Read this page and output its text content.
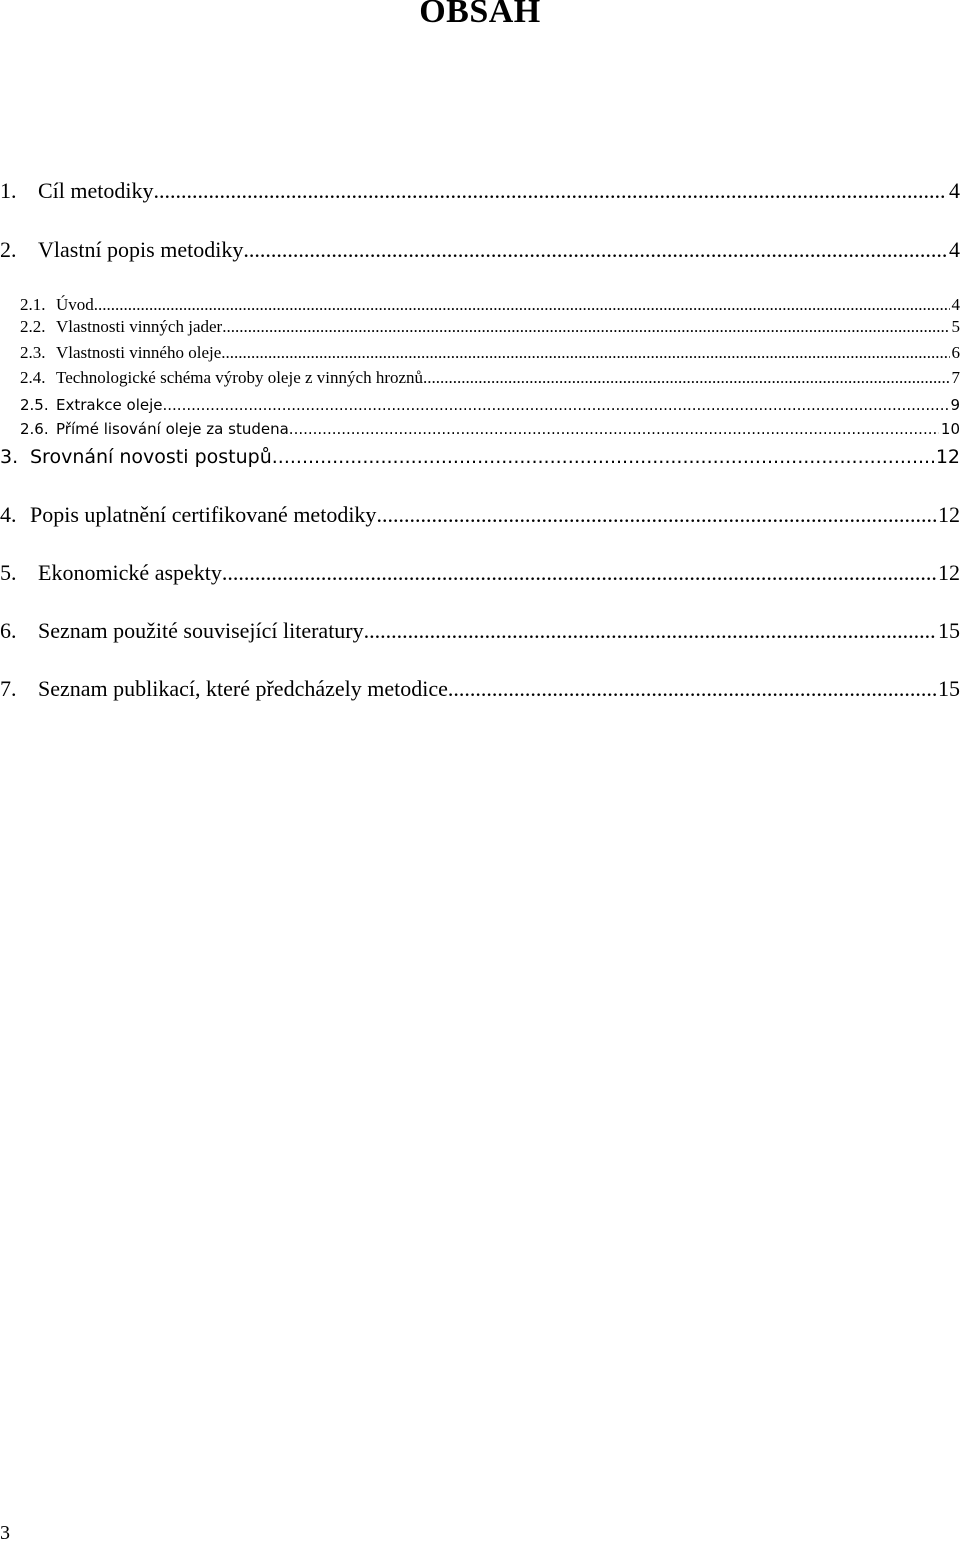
OBSAH
1. Cíl metodiky .....	4
2. Vlastní popis metodiky .....	4
2.1. Úvod .....	4
2.2. Vlastnosti vinných jader .....	5
2.3. Vlastnosti vinného oleje .....	6
2.4. Technologické schéma výroby oleje z vinných hroznů .....	7
2.5. Extrakce oleje .....	9
2.6. Přímé lisování oleje za studena .....	10
3. Srovnání novosti postupů .....	12
4. Popis uplatnění certifikované metodiky .....	12
5. Ekonomické aspekty .....	12
6. Seznam použité související literatury .....	15
7. Seznam publikací, které předcházely metodice .....	15
3
